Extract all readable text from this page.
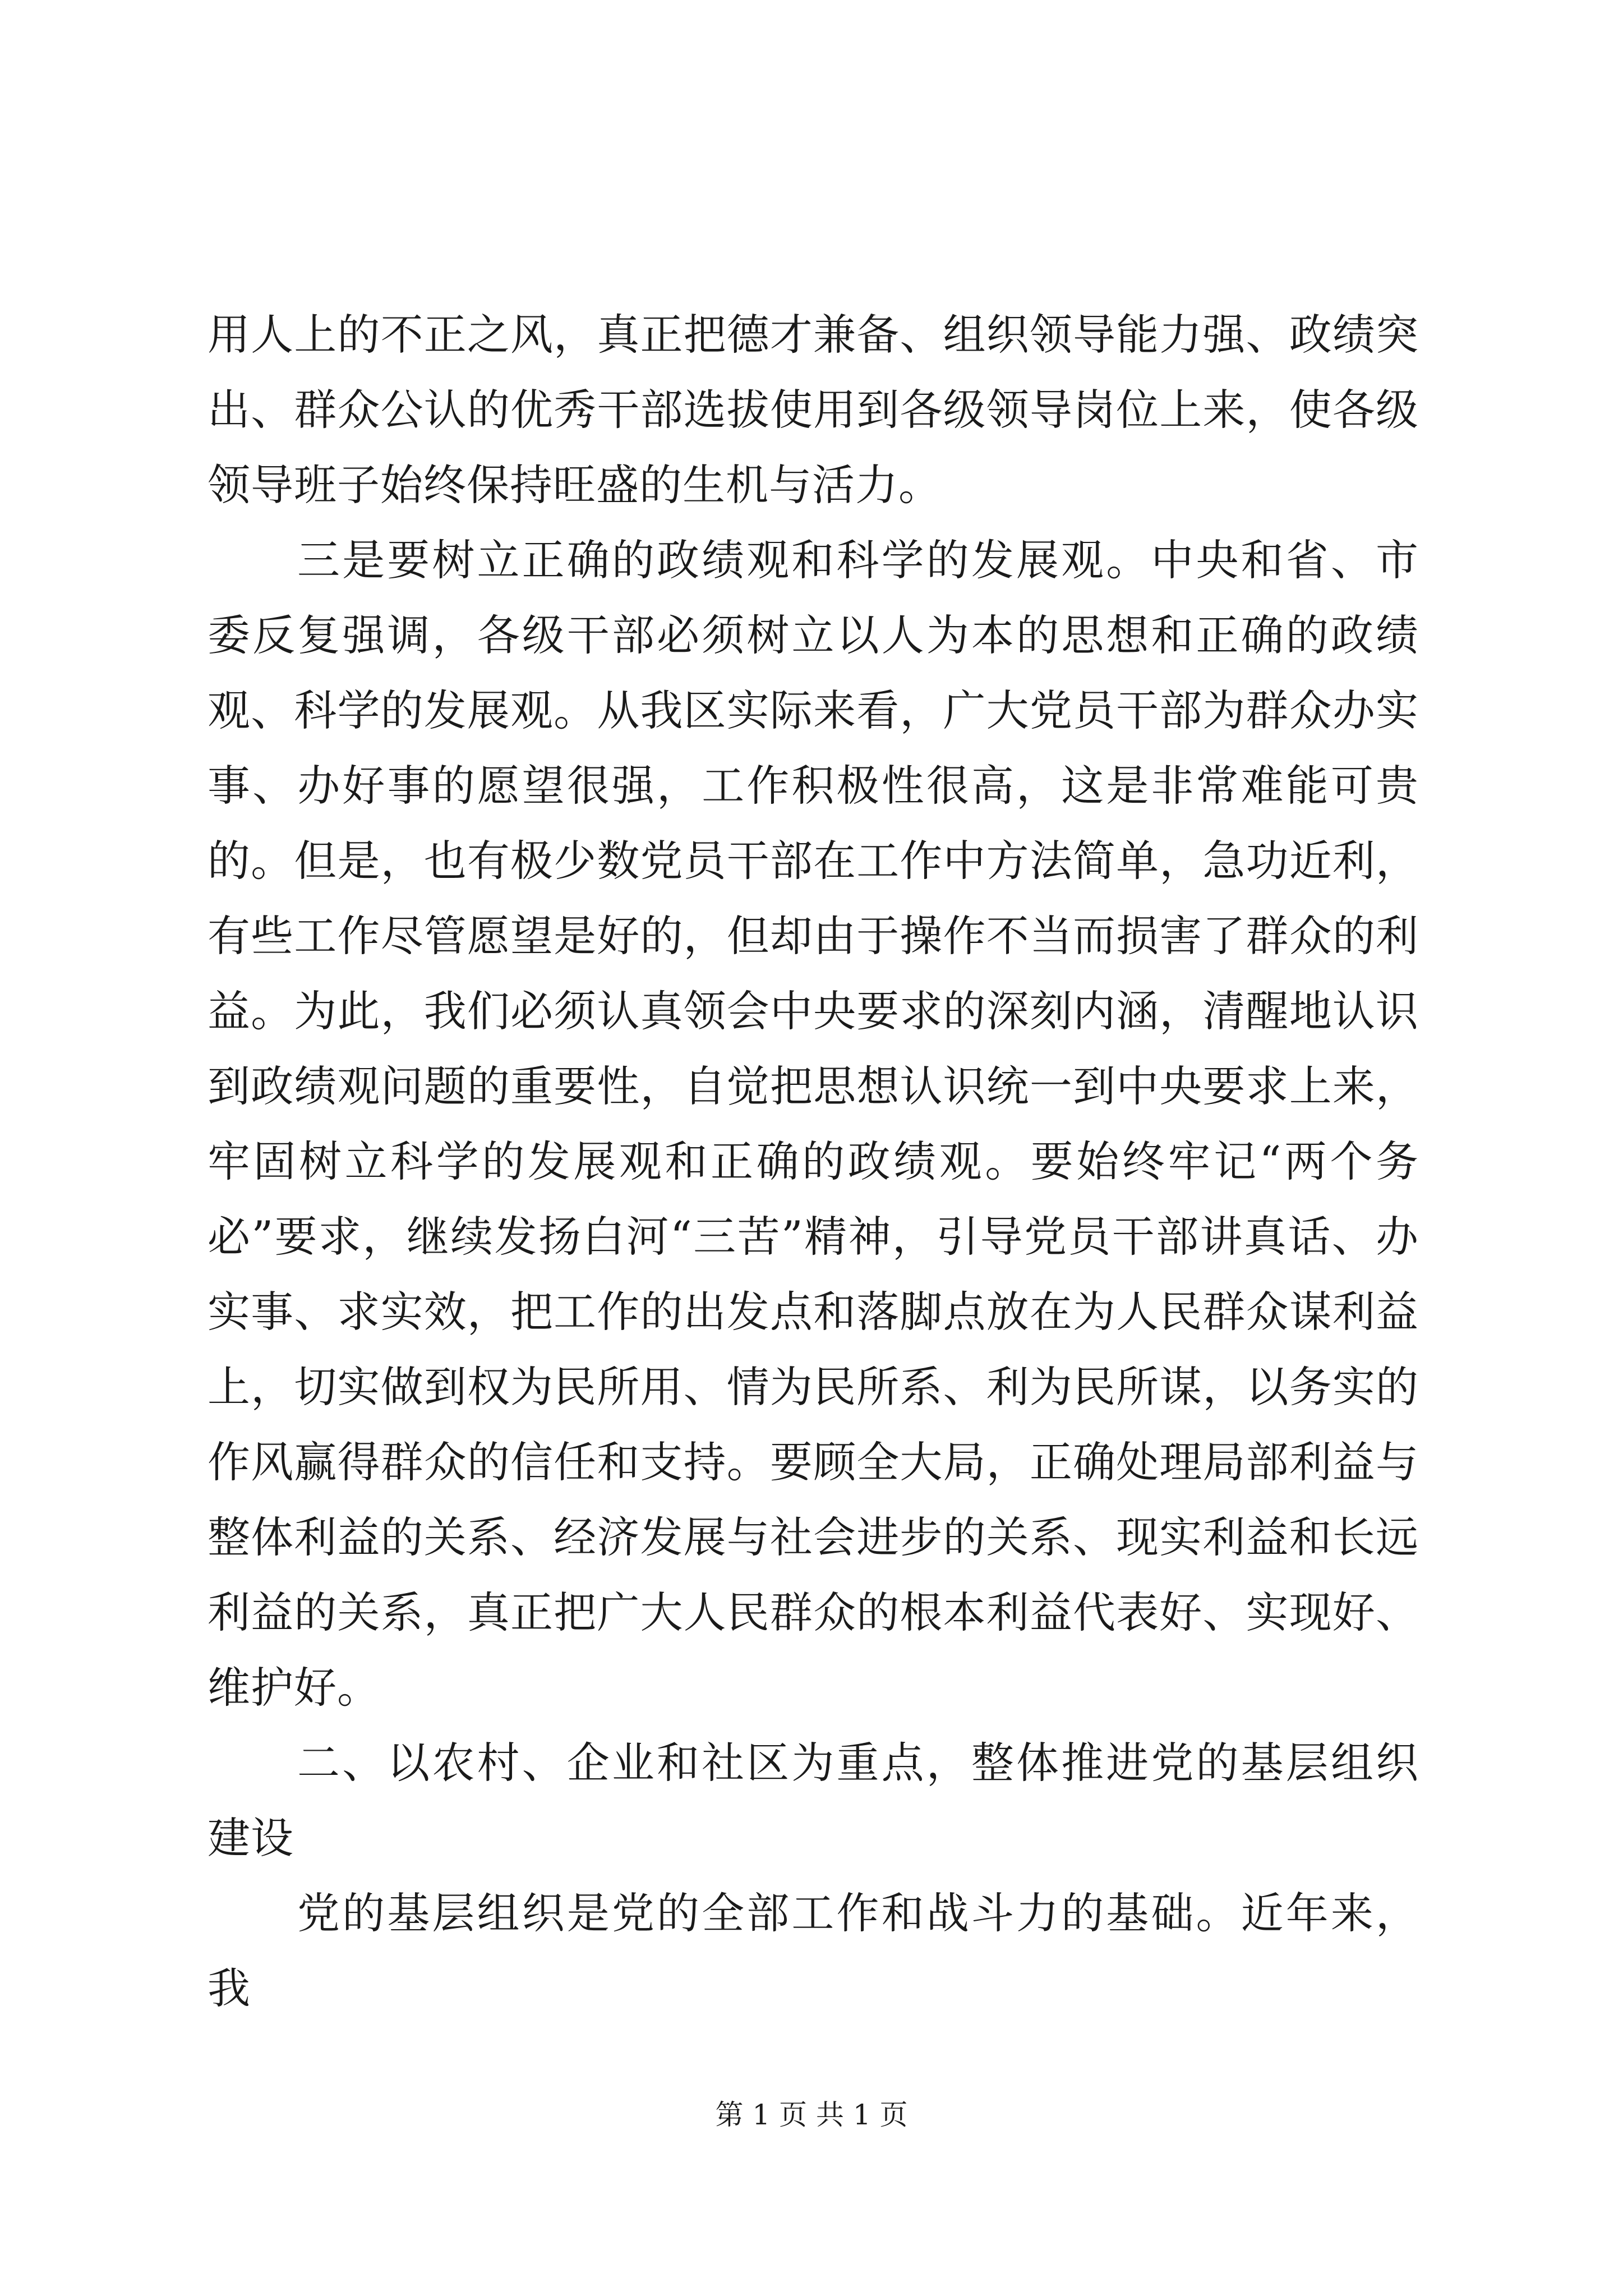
用人上的不正之风，真正把德才兼备、组织领导能力强、政绩突出、群众公认的优秀干部选拔使用到各级领导岗位上来，使各级领导班子始终保持旺盛的生机与活力。

三是要树立正确的政绩观和科学的发展观。中央和省、市委反复强调，各级干部必须树立以人为本的思想和正确的政绩观、科学的发展观。从我区实际来看，广大党员干部为群众办实事、办好事的愿望很强，工作积极性很高，这是非常难能可贵的。但是，也有极少数党员干部在工作中方法简单，急功近利，有些工作尽管愿望是好的，但却由于操作不当而损害了群众的利益。为此，我们必须认真领会中央要求的深刻内涵，清醒地认识到政绩观问题的重要性，自觉把思想认识统一到中央要求上来，牢固树立科学的发展观和正确的政绩观。要始终牢记“两个务必”要求，继续发扬白河“三苦”精神，引导党员干部讲真话、办实事、求实效，把工作的出发点和落脚点放在为人民群众谋利益上，切实做到权为民所用、情为民所系、利为民所谋，以务实的作风赢得群众的信任和支持。要顾全大局，正确处理局部利益与整体利益的关系、经济发展与社会进步的关系、现实利益和长远利益的关系，真正把广大人民群众的根本利益代表好、实现好、维护好。

二、以农村、企业和社区为重点，整体推进党的基层组织建设

党的基层组织是党的全部工作和战斗力的基础。近年来，我

第 1 页 共 1 页
